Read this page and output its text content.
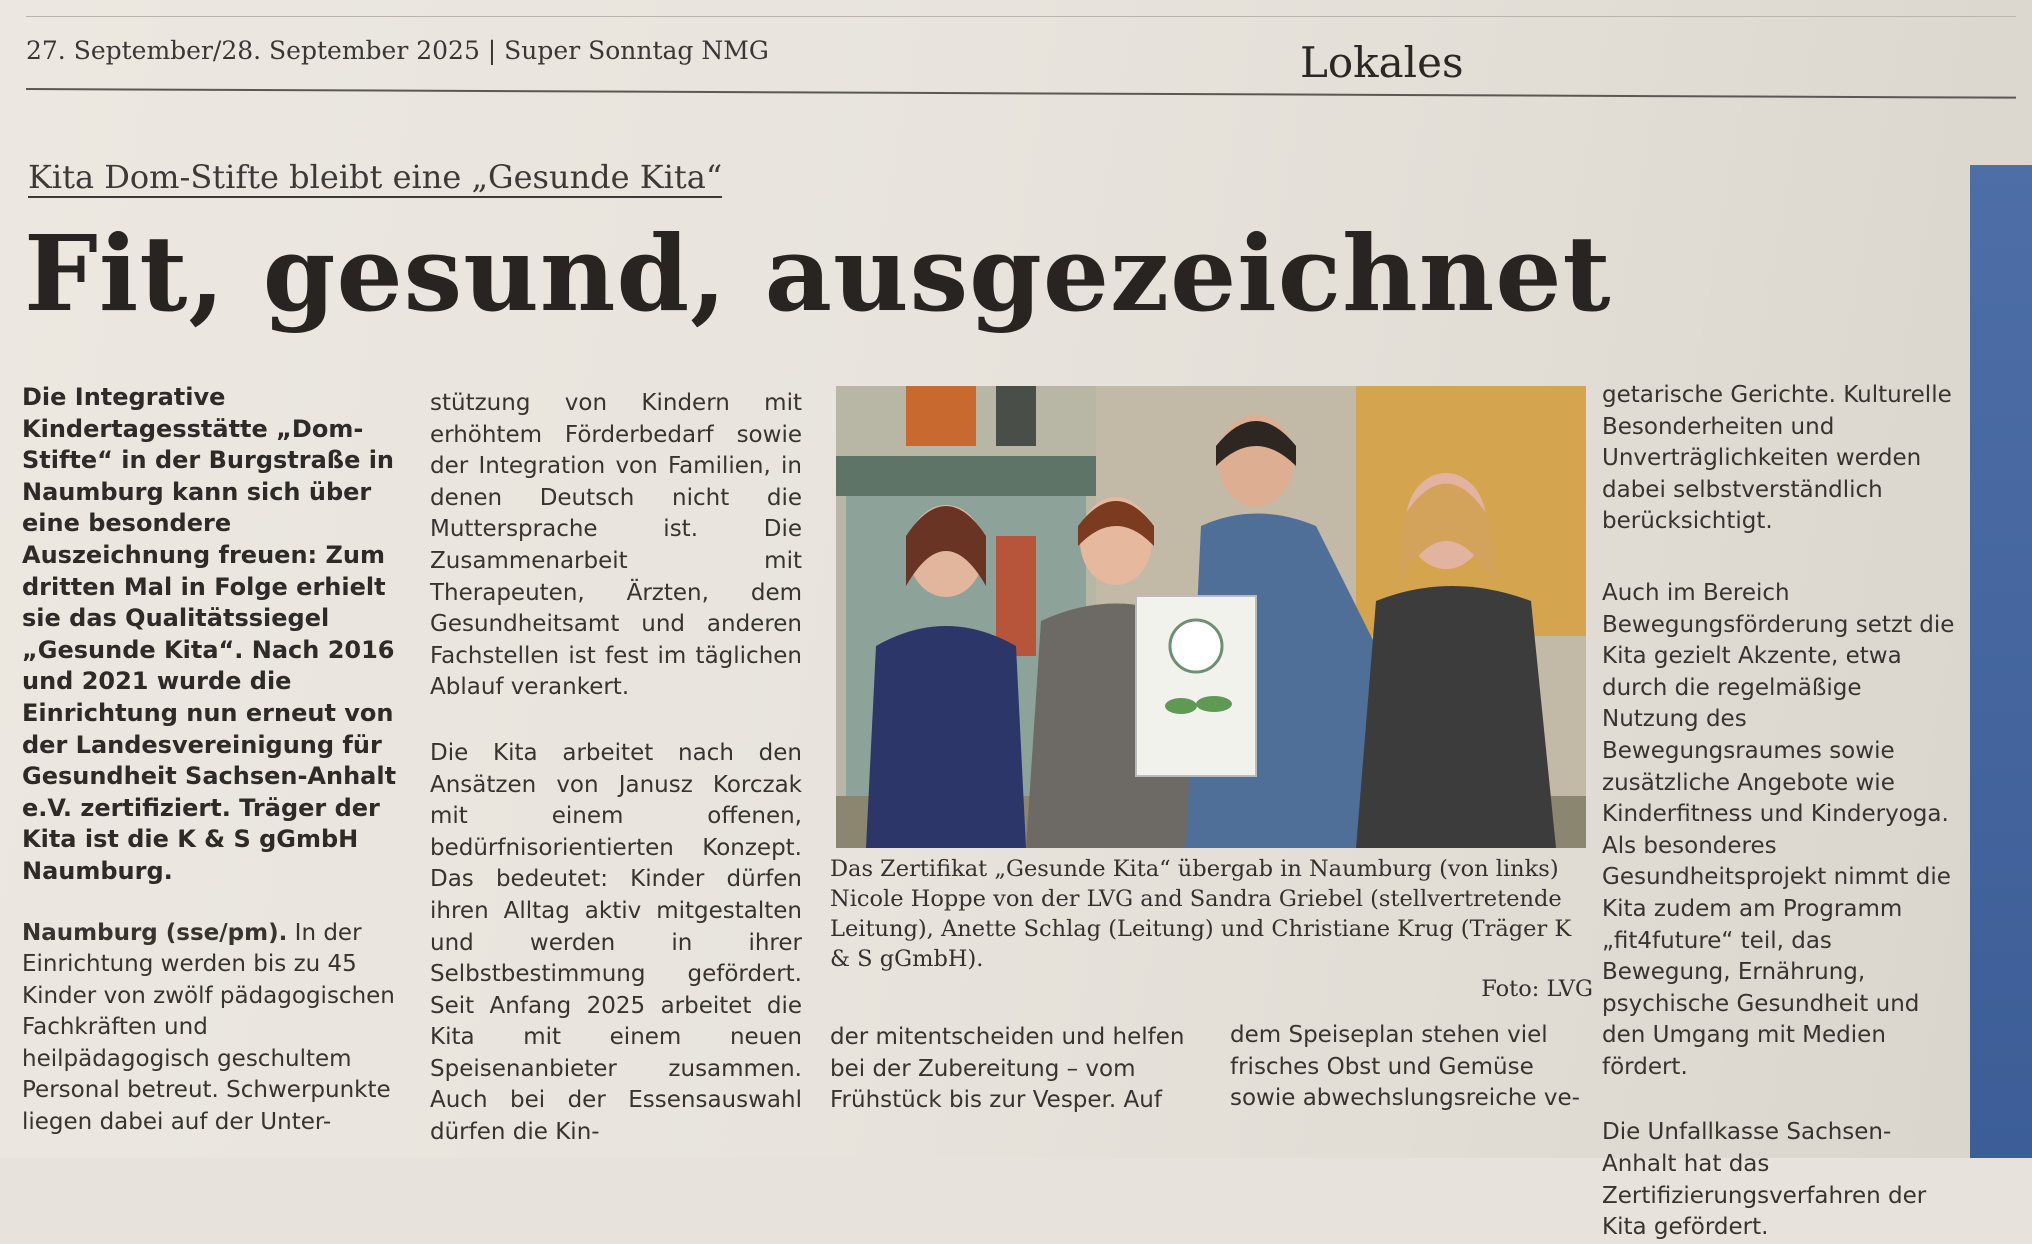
27. September/28. September 2025 | Super Sonntag NMG	Lokales
Kita Dom-Stifte bleibt eine „Gesunde Kita“
Fit, gesund, ausgezeichnet

Die Integrative Kindertagesstätte „Dom-Stifte“ in der Burgstraße in Naumburg kann sich über eine besondere Auszeichnung freuen: Zum dritten Mal in Folge erhielt sie das Qualitätssiegel „Gesunde Kita“. Nach 2016 und 2021 wurde die Einrichtung nun erneut von der Landesvereinigung für Gesundheit Sachsen-Anhalt e.V. zertifiziert. Träger der Kita ist die K & S gGmbH Naumburg.

Naumburg (sse/pm). In der Einrichtung werden bis zu 45 Kinder von zwölf pädagogischen Fachkräften und heilpädagogisch geschultem Personal betreut. Schwerpunkte liegen dabei auf der Unter-

stützung von Kindern mit erhöhtem Förderbedarf sowie der Integration von Familien, in denen Deutsch nicht die Muttersprache ist. Die Zusammenarbeit mit Therapeuten, Ärzten, dem Gesundheitsamt und anderen Fachstellen ist fest im täglichen Ablauf verankert.

Die Kita arbeitet nach den Ansätzen von Janusz Korczak mit einem offenen, bedürfnisorientierten Konzept. Das bedeutet: Kinder dürfen ihren Alltag aktiv mitgestalten und werden in ihrer Selbstbestimmung gefördert. Seit Anfang 2025 arbeitet die Kita mit einem neuen Speisenanbieter zusammen. Auch bei der Essensauswahl dürfen die Kin-

Das Zertifikat „Gesunde Kita“ übergab in Naumburg (von links) Nicole Hoppe von der LVG and Sandra Griebel (stellvertretende Leitung), Anette Schlag (Leitung) und Christiane Krug (Träger K & S gGmbH).
Foto: LVG

der mitentscheiden und helfen bei der Zubereitung – vom Frühstück bis zur Vesper. Auf

dem Speiseplan stehen viel frisches Obst und Gemüse sowie abwechslungsreiche ve-

getarische Gerichte. Kulturelle Besonderheiten und Unverträglichkeiten werden dabei selbstverständlich berücksichtigt.

Auch im Bereich Bewegungsförderung setzt die Kita gezielt Akzente, etwa durch die regelmäßige Nutzung des Bewegungsraumes sowie zusätzliche Angebote wie Kinderfitness und Kinderyoga. Als besonderes Gesundheitsprojekt nimmt die Kita zudem am Programm „fit4future“ teil, das Bewegung, Ernährung, psychische Gesundheit und den Umgang mit Medien fördert.

Die Unfallkasse Sachsen-Anhalt hat das Zertifizierungsverfahren der Kita gefördert.
